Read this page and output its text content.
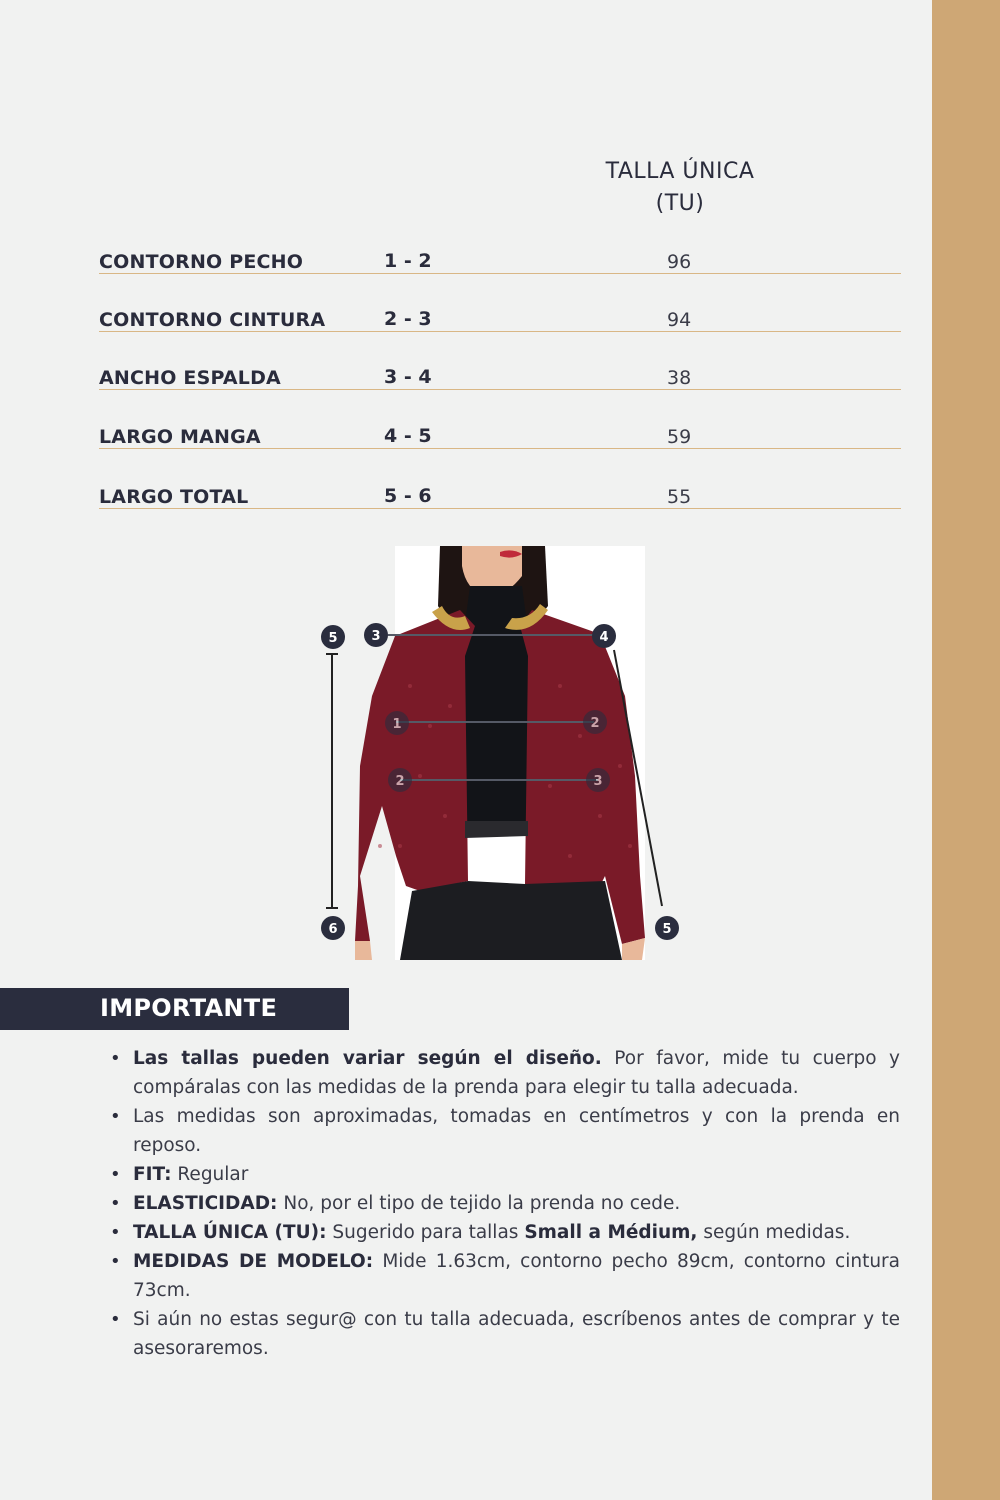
TALLA ÚNICA
(TU)
CONTORNO PECHO	1 - 2	96
CONTORNO CINTURA	2 - 3	94
ANCHO ESPALDA	3 - 4	38
LARGO MANGA	4 - 5	59
LARGO TOTAL	5 - 6	55
5	3	4
1	2
2	3
6	5
IMPORTANTE
• Las tallas pueden variar según el diseño. Por favor, mide tu cuerpo y compáralas con las medidas de la prenda para elegir tu talla adecuada.
• Las medidas son aproximadas, tomadas en centímetros y con la prenda en reposo.
• FIT: Regular
• ELASTICIDAD: No, por el tipo de tejido la prenda no cede.
• TALLA ÚNICA (TU): Sugerido para tallas Small a Médium, según medidas.
• MEDIDAS DE MODELO: Mide 1.63cm, contorno pecho 89cm, contorno cintura 73cm.
• Si aún no estas segur@ con tu talla adecuada, escríbenos antes de comprar y te asesoraremos.
